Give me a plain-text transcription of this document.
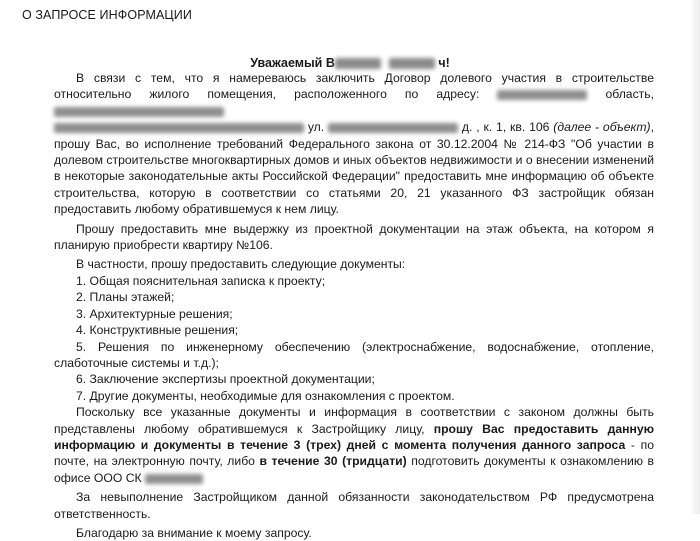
О ЗАПРОСЕ ИНФОРМАЦИИ
Уважаемый В	ч!

В связи с тем, что я намереваюсь заключить Договор долевого участия в строительстве относительно жилого помещения, расположенного по адресу:	область,
ул.	д. , к. 1, кв. 106 (далее - объект), прошу Вас, во исполнение требований Федерального закона от 30.12.2004 № 214-ФЗ "Об участии в долевом строительстве многоквартирных домов и иных объектов недвижимости и о внесении изменений в некоторые законодательные акты Российской Федерации" предоставить мне информацию об объекте строительства, которую в соответствии со статьями 20, 21 указанного ФЗ застройщик обязан предоставить любому обратившемуся к нем лицу.

Прошу предоставить мне выдержку из проектной документации на этаж объекта, на котором я планирую приобрести квартиру №106.

В частности, прошу предоставить следующие документы:

1. Общая пояснительная записка к проекту;
2. Планы этажей;
3. Архитектурные решения;
4. Конструктивные решения;
5. Решения по инженерному обеспечению (электроснабжение, водоснабжение, отопление, слаботочные системы и т.д.);
6. Заключение экспертизы проектной документации;
7. Другие документы, необходимые для ознакомления с проектом.

Поскольку все указанные документы и информация в соответствии с законом должны быть представлены любому обратившемуся к Застройщику лицу, прошу Вас предоставить данную информацию и документы в течение 3 (трех) дней с момента получения данного запроса - по почте, на электронную почту, либо в течение 30 (тридцати) подготовить документы к ознакомлению в офисе ООО СК

За невыполнение Застройщиком данной обязанности законодательством РФ предусмотрена ответственность.

Благодарю за внимание к моему запросу.
